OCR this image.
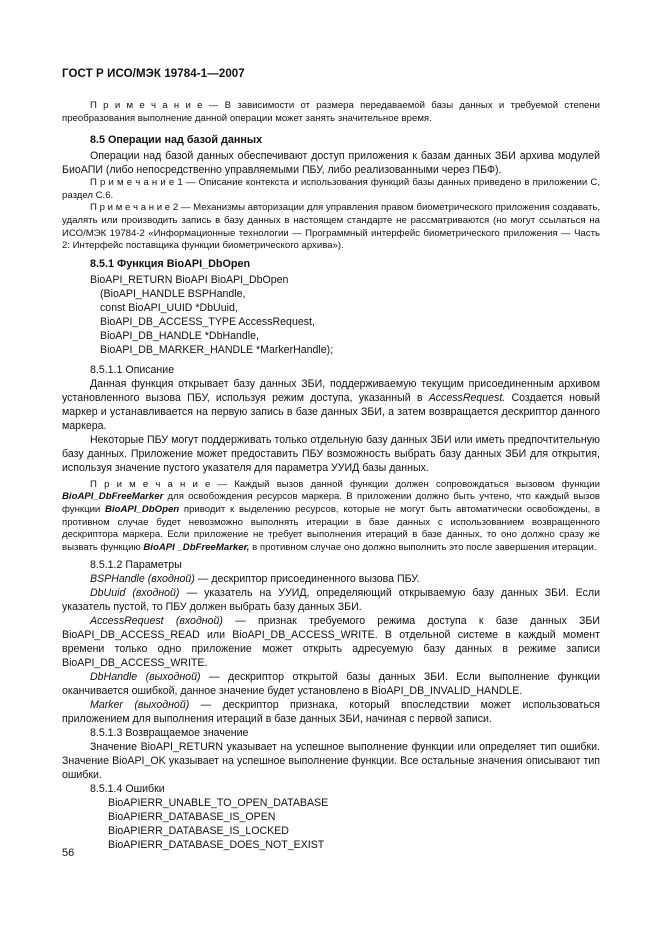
ГОСТ Р ИСО/МЭК 19784-1—2007

П р и м е ч а н и е — В зависимости от размера передаваемой базы данных и требуемой степени преобразования выполнение данной операции может занять значительное время.

8.5 Операции над базой данных

Операции над базой данных обеспечивают доступ приложения к базам данных ЗБИ архива модулей БиоАПИ (либо непосредственно управляемыми ПБУ, либо реализованными через ПБФ).

П р и м е ч а н и е 1 — Описание контекста и использования функций базы данных приведено в приложении С, раздел С.6.

П р и м е ч а н и е 2 — Механизмы авторизации для управления правом биометрического приложения создавать, удалять или производить запись в базу данных в настоящем стандарте не рассматриваются (но могут ссылаться на ИСО/МЭК 19784-2 «Информационные технологии — Программный интерфейс биометрического приложения — Часть 2: Интерфейс поставщика функции биометрического архива»).

8.5.1 Функция BioAPI_DbOpen
BioAPI_RETURN BioAPI BioAPI_DbOpen
(BioAPI_HANDLE BSPHandle,
const BioAPI_UUID *DbUuid,
BioAPI_DB_ACCESS_TYPE AccessRequest,
BioAPI_DB_HANDLE *DbHandle,
BioAPI_DB_MARKER_HANDLE *MarkerHandle);
8.5.1.1 Описание

Данная функция открывает базу данных ЗБИ, поддерживаемую текущим присоединенным архивом установленного вызова ПБУ, используя режим доступа, указанный в AccessRequest. Создается новый маркер и устанавливается на первую запись в базе данных ЗБИ, а затем возвращается дескриптор данного маркера.

Некоторые ПБУ могут поддерживать только отдельную базу данных ЗБИ или иметь предпочтительную базу данных. Приложение может предоставить ПБУ возможность выбрать базу данных ЗБИ для открытия, используя значение пустого указателя для параметра УУИД базы данных.

П р и м е ч а н и е — Каждый вызов данной функции должен сопровождаться вызовом функции BioAPI_DbFreeMarker для освобождения ресурсов маркера. В приложении должно быть учтено, что каждый вызов функции BioAPI_DbOpen приводит к выделению ресурсов, которые не могут быть автоматически освобождены, в противном случае будет невозможно выполнять итерации в базе данных с использованием возвращенного дескриптора маркера. Если приложение не требует выполнения итераций в базе данных, то оно должно сразу же вызвать функцию BioAPI _DbFreeMarker, в противном случае оно должно выполнить это после завершения итерации.

8.5.1.2 Параметры

BSPHandle (входной) — дескриптор присоединенного вызова ПБУ.

DbUuid (входной) — указатель на УУИД, определяющий открываемую базу данных ЗБИ. Если указатель пустой, то ПБУ должен выбрать базу данных ЗБИ.

AccessRequest (входной) — признак требуемого режима доступа к базе данных ЗБИ BioAPI_DB_ACCESS_READ или BioAPI_DB_ACCESS_WRITE. В отдельной системе в каждый момент времени только одно приложение может открыть адресуемую базу данных в режиме записи BioAPI_DB_ACCESS_WRITE.

DbHandle (выходной) — дескриптор открытой базы данных ЗБИ. Если выполнение функции оканчивается ошибкой, данное значение будет установлено в BioAPI_DB_INVALID_HANDLE.

Marker (выходной) — дескриптор признака, который впоследствии может использоваться приложением для выполнения итераций в базе данных ЗБИ, начиная с первой записи.

8.5.1.3 Возвращаемое значение

Значение BioAPI_RETURN указывает на успешное выполнение функции или определяет тип ошибки. Значение BioAPI_OK указывает на успешное выполнение функции. Все остальные значения описывают тип ошибки.

8.5.1.4 Ошибки
BioAPIERR_UNABLE_TO_OPEN_DATABASE
BioAPIERR_DATABASE_IS_OPEN
BioAPIERR_DATABASE_IS_LOCKED
BioAPIERR_DATABASE_DOES_NOT_EXIST
56
